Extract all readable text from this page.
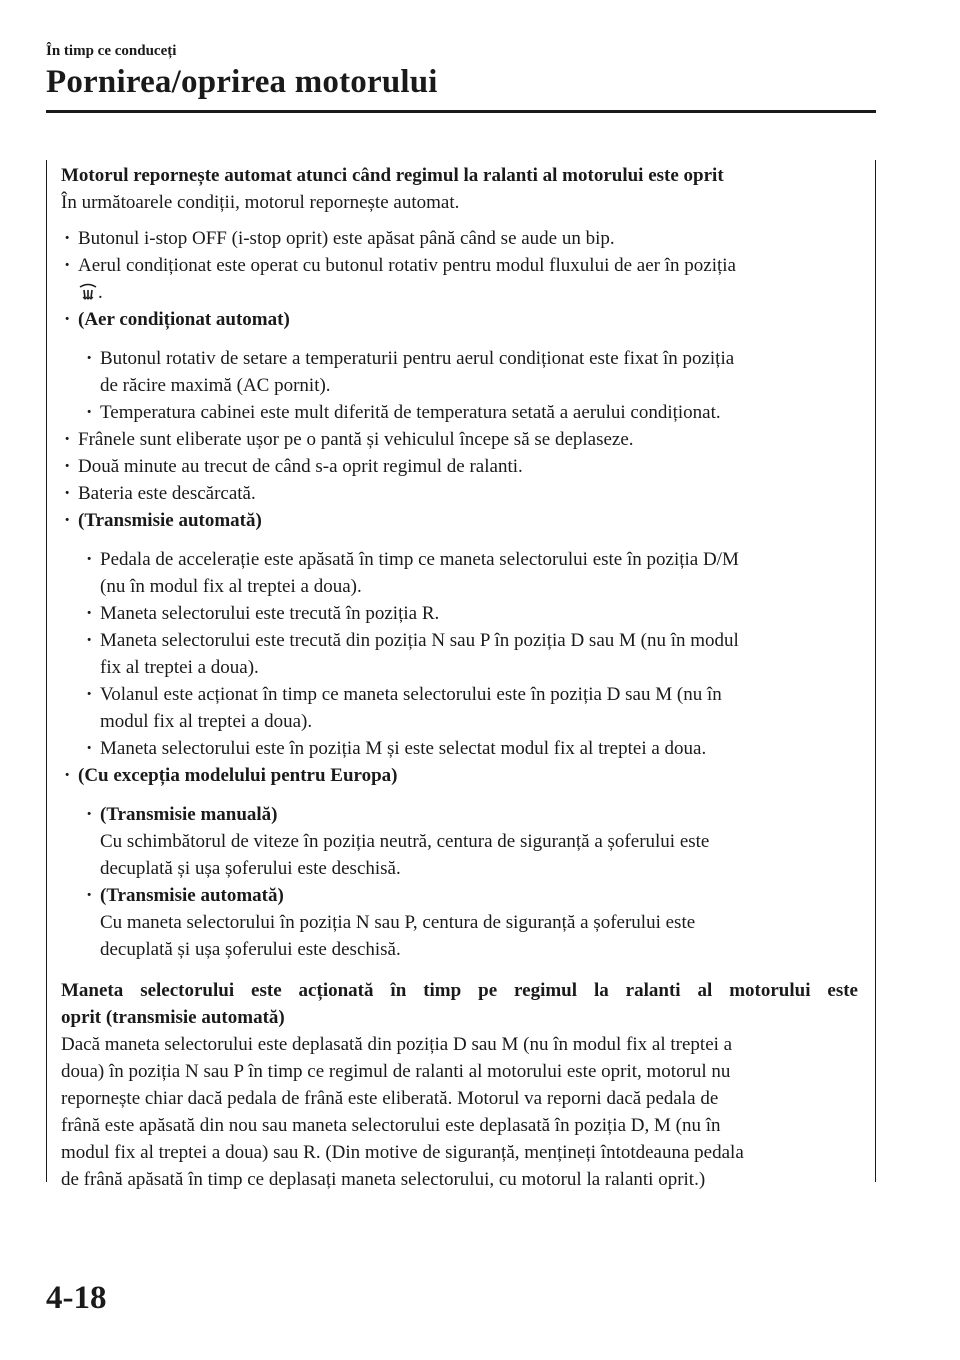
În timp ce conduceți
Pornirea/oprirea motorului
Motorul repornește automat atunci când regimul la ralanti al motorului este oprit
În următoarele condiții, motorul repornește automat.
· Butonul i-stop OFF (i-stop oprit) este apăsat până când se aude un bip.
· Aerul condiționat este operat cu butonul rotativ pentru modul fluxului de aer în poziția
.
· (Aer condiționat automat)
· Butonul rotativ de setare a temperaturii pentru aerul condiționat este fixat în poziția
de răcire maximă (AC pornit).
· Temperatura cabinei este mult diferită de temperatura setată a aerului condiționat.
· Frânele sunt eliberate ușor pe o pantă și vehiculul începe să se deplaseze.
· Două minute au trecut de când s-a oprit regimul de ralanti.
· Bateria este descărcată.
· (Transmisie automată)
· Pedala de accelerație este apăsată în timp ce maneta selectorului este în poziția D/M
(nu în modul fix al treptei a doua).
· Maneta selectorului este trecută în poziția R.
· Maneta selectorului este trecută din poziția N sau P în poziția D sau M (nu în modul
fix al treptei a doua).
· Volanul este acționat în timp ce maneta selectorului este în poziția D sau M (nu în
modul fix al treptei a doua).
· Maneta selectorului este în poziția M și este selectat modul fix al treptei a doua.
· (Cu excepția modelului pentru Europa)
· (Transmisie manuală)
Cu schimbătorul de viteze în poziția neutră, centura de siguranță a șoferului este
decuplată și ușa șoferului este deschisă.
· (Transmisie automată)
Cu maneta selectorului în poziția N sau P, centura de siguranță a șoferului este
decuplată și ușa șoferului este deschisă.
Maneta selectorului este acționată în timp pe regimul la ralanti al motorului este
oprit (transmisie automată)
Dacă maneta selectorului este deplasată din poziția D sau M (nu în modul fix al treptei a
doua) în poziția N sau P în timp ce regimul de ralanti al motorului este oprit, motorul nu
repornește chiar dacă pedala de frână este eliberată. Motorul va reporni dacă pedala de
frână este apăsată din nou sau maneta selectorului este deplasată în poziția D, M (nu în
modul fix al treptei a doua) sau R. (Din motive de siguranță, mențineți întotdeauna pedala
de frână apăsată în timp ce deplasați maneta selectorului, cu motorul la ralanti oprit.)
4-18
